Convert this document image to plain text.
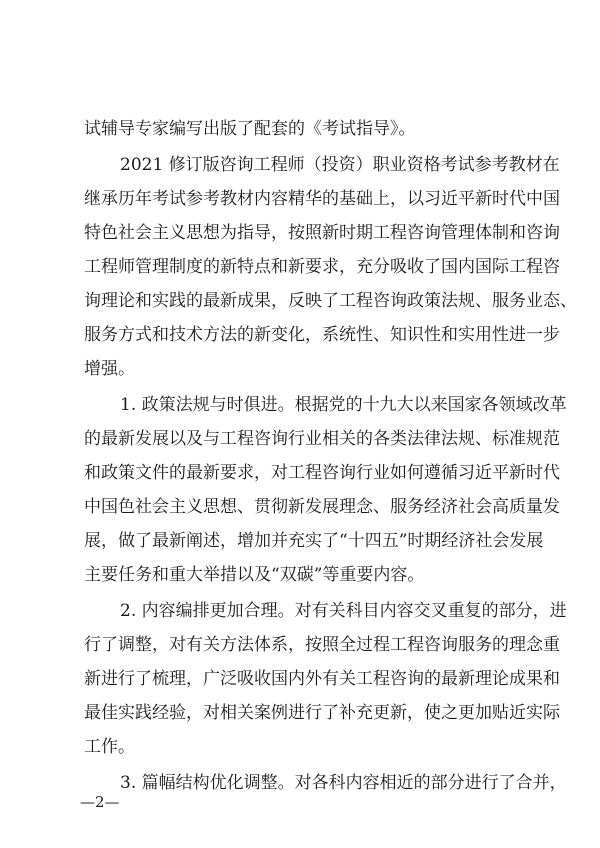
试辅导专家编写出版了配套的《考试指导》。
2021 修订版咨询工程师（投资）职业资格考试参考教材在
继承历年考试参考教材内容精华的基础上，以习近平新时代中国
特色社会主义思想为指导，按照新时期工程咨询管理体制和咨询
工程师管理制度的新特点和新要求，充分吸收了国内国际工程咨
询理论和实践的最新成果，反映了工程咨询政策法规、服务业态、
服务方式和技术方法的新变化，系统性、知识性和实用性进一步
增强。
1. 政策法规与时俱进。根据党的十九大以来国家各领域改革
的最新发展以及与工程咨询行业相关的各类法律法规、标准规范
和政策文件的最新要求，对工程咨询行业如何遵循习近平新时代
中国色社会主义思想、贯彻新发展理念、服务经济社会高质量发
展，做了最新阐述，增加并充实了“十四五”时期经济社会发展
主要任务和重大举措以及“双碳”等重要内容。
2. 内容编排更加合理。对有关科目内容交叉重复的部分，进
行了调整，对有关方法体系，按照全过程工程咨询服务的理念重
新进行了梳理，广泛吸收国内外有关工程咨询的最新理论成果和
最佳实践经验，对相关案例进行了补充更新，使之更加贴近实际
工作。
3. 篇幅结构优化调整。对各科内容相近的部分进行了合并，
—2—
